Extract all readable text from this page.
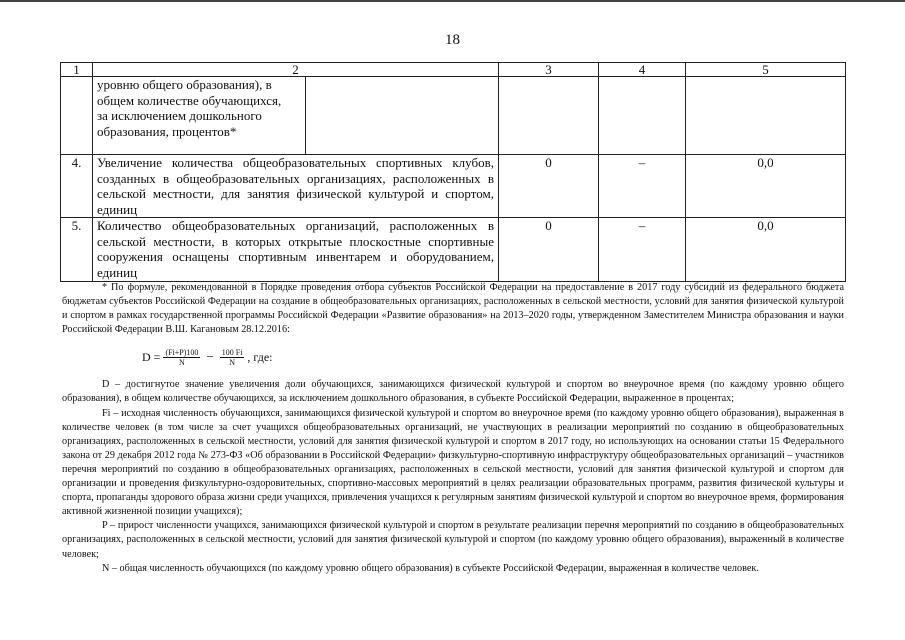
18
1	2		3	4	5

	уровню общего образования), в
общем количестве обучающихся,
за исключением дошкольного
образования, процентов*				

4.	Увеличение количества общеобразовательных спортивных клубов, созданных в общеобразовательных организациях, расположенных в сельской местности, для занятия физической культурой и спортом, единиц		0	–	0,0
5.	Количество общеобразовательных организаций, расположенных в сельской местности, в которых открытые плоскостные спортивные сооружения оснащены спортивным инвентарем и оборудованием, единиц		0	–	0,0

* По формуле, рекомендованной в Порядке проведения отбора субъектов Российской Федерации на предоставление в 2017 году субсидий из федерального бюджета бюджетам субъектов Российской Федерации на создание в общеобразовательных организациях, расположенных в сельской местности, условий для занятия физической культурой и спортом в рамках государственной программы Российской Федерации «Развитие образования» на 2013–2020 годы, утвержденном Заместителем Министра образования и науки Российской Федерации В.Ш. Кагановым 28.12.2016:

$D = \frac{(Fi+P)100}{N} - \frac{100 Fi}{N}$ , где:

D – достигнутое значение увеличения доли обучающихся, занимающихся физической культурой и спортом во внеурочное время (по каждому уровню общего образования), в общем количестве обучающихся, за исключением дошкольного образования, в субъекте Российской Федерации, выраженное в процентах;

Fi – исходная численность обучающихся, занимающихся физической культурой и спортом во внеурочное время (по каждому уровню общего образования), выраженная в количестве человек (в том числе за счет учащихся общеобразовательных организаций, не участвующих в реализации мероприятий по созданию в общеобразовательных организациях, расположенных в сельской местности, условий для занятия физической культурой и спортом в 2017 году, но использующих на основании статьи 15 Федерального закона от 29 декабря 2012 года № 273-ФЗ «Об образовании в Российской Федерации» физкультурно-спортивную инфраструктуру общеобразовательных организаций – участников перечня мероприятий по созданию в общеобразовательных организациях, расположенных в сельской местности, условий для занятия физической культурой и спортом для организации и проведения физкультурно-оздоровительных, спортивно-массовых мероприятий в целях реализации образовательных программ, развития физической культуры и спорта, пропаганды здорового образа жизни среди учащихся, привлечения учащихся к регулярным занятиям физической культурой и спортом во внеурочное время, формирования активной жизненной позиции учащихся);

P – прирост численности учащихся, занимающихся физической культурой и спортом в результате реализации перечня мероприятий по созданию в общеобразовательных организациях, расположенных в сельской местности, условий для занятия физической культурой и спортом (по каждому уровню общего образования), выраженный в количестве человек;

N – общая численность обучающихся (по каждому уровню общего образования) в субъекте Российской Федерации, выраженная в количестве человек.
